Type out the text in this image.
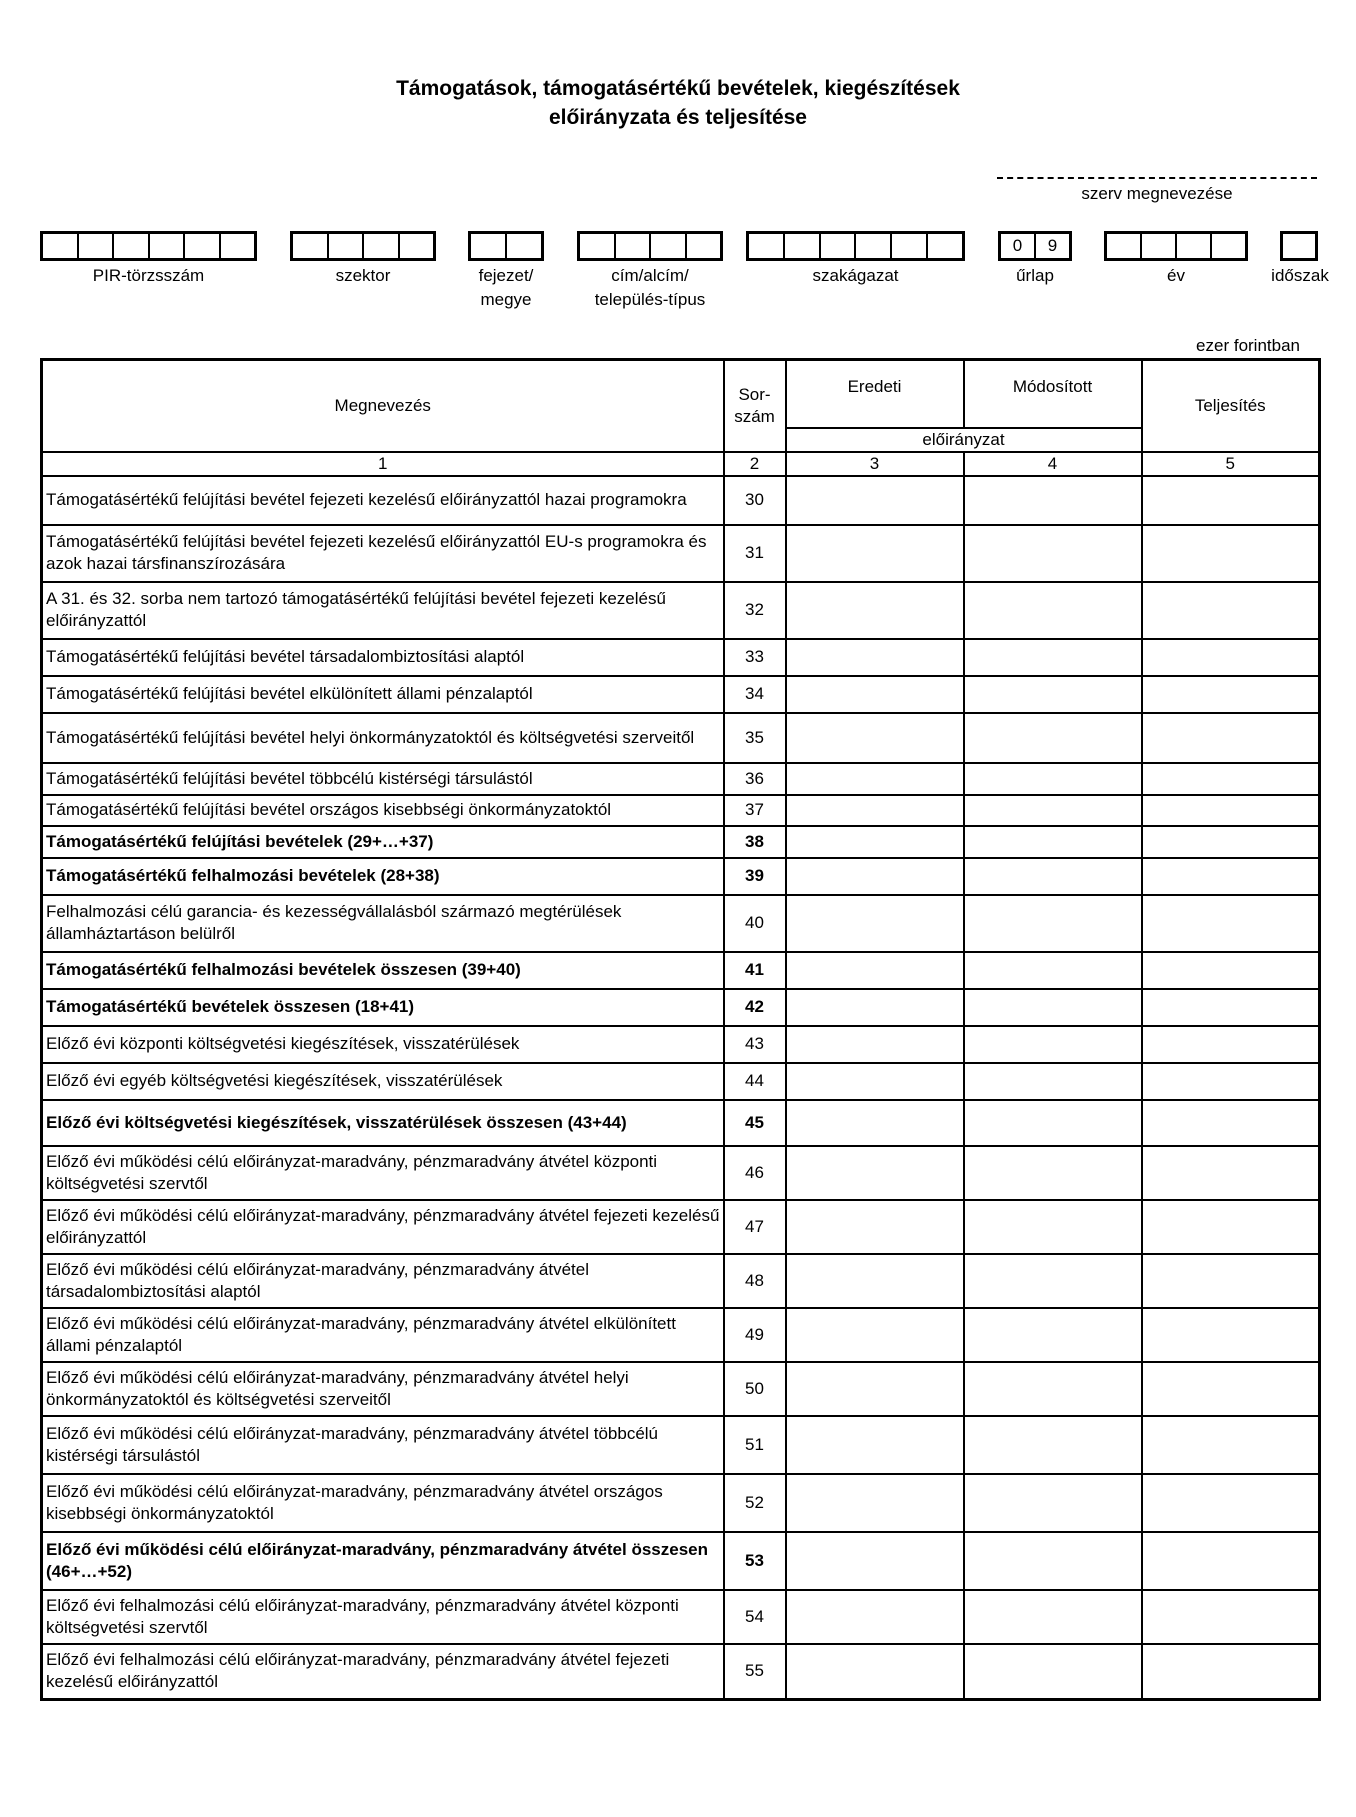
Támogatások, támogatásértékű bevételek, kiegészítések
előirányzata és teljesítése
szerv megnevezése
PIR-törzsszám	szektor	fejezet/
megye
cím/alcím/
település-típus
szakágazat
0	9
űrlap	év	időszak
ezer forintban
Megnevezés	Sor-
szám	Eredeti	Módosított	Teljesítés
		előirányzat		
1	2	3	4	5
Támogatásértékű felújítási bevétel fejezeti kezelésű előirányzattól hazai programokra	30			
Támogatásértékű felújítási bevétel fejezeti kezelésű előirányzattól EU-s programokra és azok hazai társfinanszírozására	31			
A 31. és 32. sorba nem tartozó támogatásértékű felújítási bevétel fejezeti kezelésű előirányzattól	32			
Támogatásértékű felújítási bevétel társadalombiztosítási alaptól	33			
Támogatásértékű felújítási bevétel elkülönített állami pénzalaptól	34			
Támogatásértékű felújítási bevétel helyi önkormányzatoktól és költségvetési szerveitől	35			
Támogatásértékű felújítási bevétel többcélú kistérségi társulástól	36			
Támogatásértékű felújítási bevétel országos kisebbségi önkormányzatoktól	37			
Támogatásértékű felújítási bevételek (29+…+37)	38			
Támogatásértékű felhalmozási bevételek (28+38)	39			
Felhalmozási célú garancia- és kezességvállalásból származó megtérülések államháztartáson belülről	40			
Támogatásértékű felhalmozási bevételek összesen (39+40)	41			
Támogatásértékű bevételek összesen (18+41)	42			
Előző évi központi költségvetési kiegészítések, visszatérülések	43			
Előző évi egyéb költségvetési kiegészítések, visszatérülések	44			
Előző évi költségvetési kiegészítések, visszatérülések összesen (43+44)	45			
Előző évi működési célú előirányzat-maradvány, pénzmaradvány átvétel központi költségvetési szervtől	46			
Előző évi működési célú előirányzat-maradvány, pénzmaradvány átvétel fejezeti kezelésű előirányzattól	47			
Előző évi működési célú előirányzat-maradvány, pénzmaradvány átvétel társadalombiztosítási alaptól	48			
Előző évi működési célú előirányzat-maradvány, pénzmaradvány átvétel elkülönített állami pénzalaptól	49			
Előző évi működési célú előirányzat-maradvány, pénzmaradvány átvétel helyi önkormányzatoktól és költségvetési szerveitől	50			
Előző évi működési célú előirányzat-maradvány, pénzmaradvány átvétel többcélú kistérségi társulástól	51			
Előző évi működési célú előirányzat-maradvány, pénzmaradvány átvétel országos kisebbségi önkormányzatoktól	52			
Előző évi működési célú előirányzat-maradvány, pénzmaradvány átvétel összesen (46+…+52)	53			
Előző évi felhalmozási célú előirányzat-maradvány, pénzmaradvány átvétel központi költségvetési szervtől	54			
Előző évi felhalmozási célú előirányzat-maradvány, pénzmaradvány átvétel fejezeti kezelésű előirányzattól	55			
